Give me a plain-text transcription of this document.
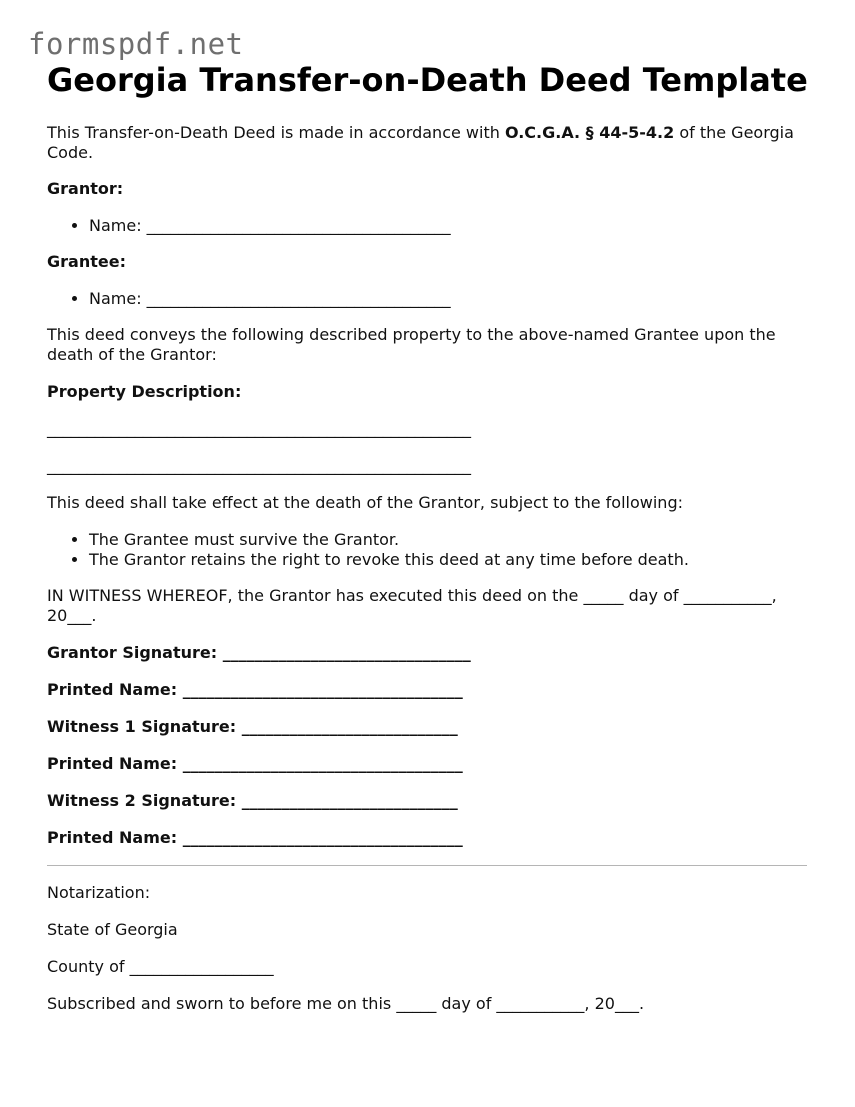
formspdf.net
Georgia Transfer-on-Death Deed Template

This Transfer-on-Death Deed is made in accordance with O.C.G.A. § 44-5-4.2 of the Georgia Code.

Grantor:

• Name: ______________________________________

Grantee:

• Name: ______________________________________

This deed conveys the following described property to the above-named Grantee upon the death of the Grantor:

Property Description:

_____________________________________________________

_____________________________________________________

This deed shall take effect at the death of the Grantor, subject to the following:

• The Grantee must survive the Grantor.
• The Grantor retains the right to revoke this deed at any time before death.

IN WITNESS WHEREOF, the Grantor has executed this deed on the _____ day of ___________, 20___.

Grantor Signature: _______________________________

Printed Name: ___________________________________

Witness 1 Signature: ___________________________

Printed Name: ___________________________________

Witness 2 Signature: ___________________________

Printed Name: ___________________________________

Notarization:

State of Georgia

County of __________________

Subscribed and sworn to before me on this _____ day of ___________, 20___.
